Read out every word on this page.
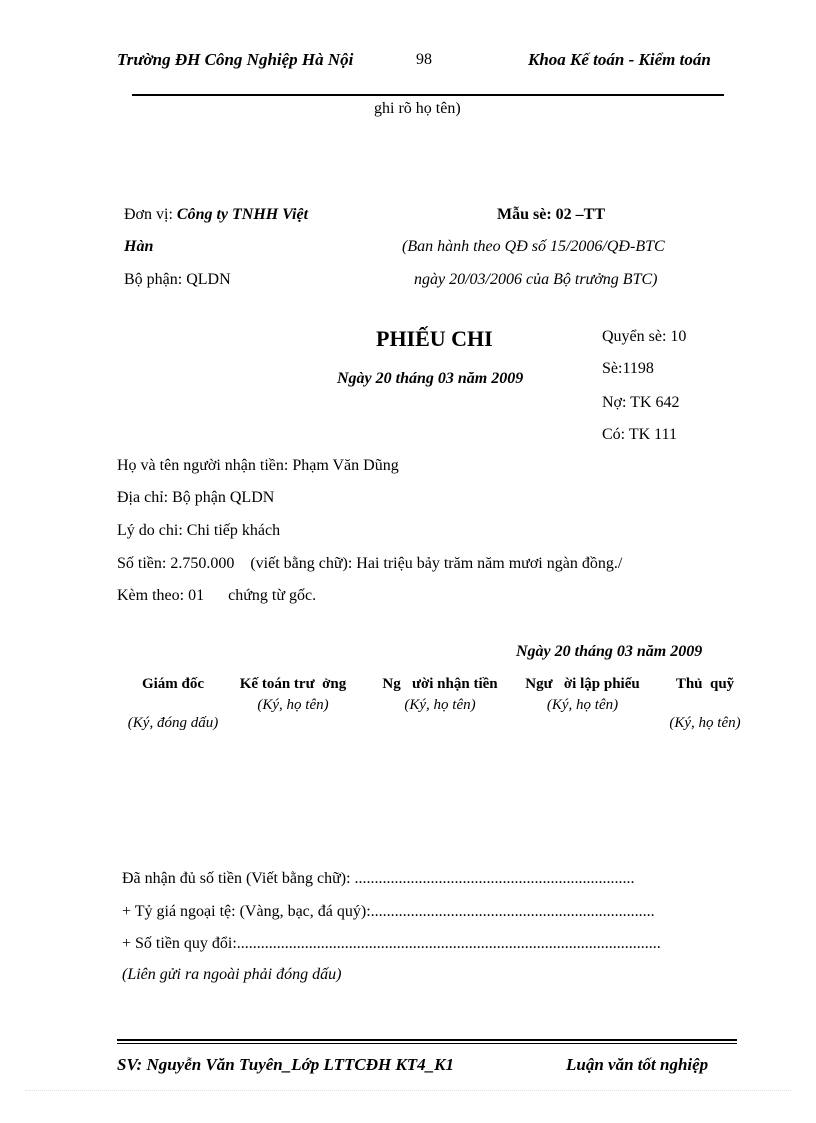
Trường ĐH Công Nghiệp Hà Nội	98	Khoa Kế toán - Kiểm toán
ghi rõ họ tên)
Đơn vị: Công ty TNHH Việt
Hàn
Bộ phận: QLDN
Mẫu sè: 02 –TT
(Ban hành theo QĐ số 15/2006/QĐ-BTC
ngày 20/03/2006 của Bộ trưởng BTC)
PHIẾU CHI
Ngày 20 tháng 03 năm 2009
Quyển sè: 10
Sè:1198
Nợ: TK 642
Có: TK 111
Họ và tên người nhận tiền: Phạm Văn Dũng
Địa chỉ: Bộ phận QLDN
Lý do chi: Chi tiếp khách
Số tiền: 2.750.000    (viết bằng chữ): Hai triệu bảy trăm năm mươi ngàn đồng./
Kèm theo: 01      chứng từ gốc.
Ngày 20 tháng 03 năm 2009
Giám đốc
(Ký, đóng dấu)
Kế toán trư  ởng
(Ký, họ tên)
Ng   ười nhận tiền
(Ký, họ tên)
Ngư   ời lập phiếu
(Ký, họ tên)
Thủ  quỹ
(Ký, họ tên)
Đã nhận đủ số tiền (Viết bằng chữ): ......................................................................
+ Tỷ giá ngoại tệ: (Vàng, bạc, đá quý):.......................................................................
+ Số tiền quy đổi:..........................................................................................................
(Liên gửi ra ngoài phải đóng dấu)
SV: Nguyễn Văn Tuyên_Lớp LTTCĐH KT4_K1	Luận văn tốt nghiệp
